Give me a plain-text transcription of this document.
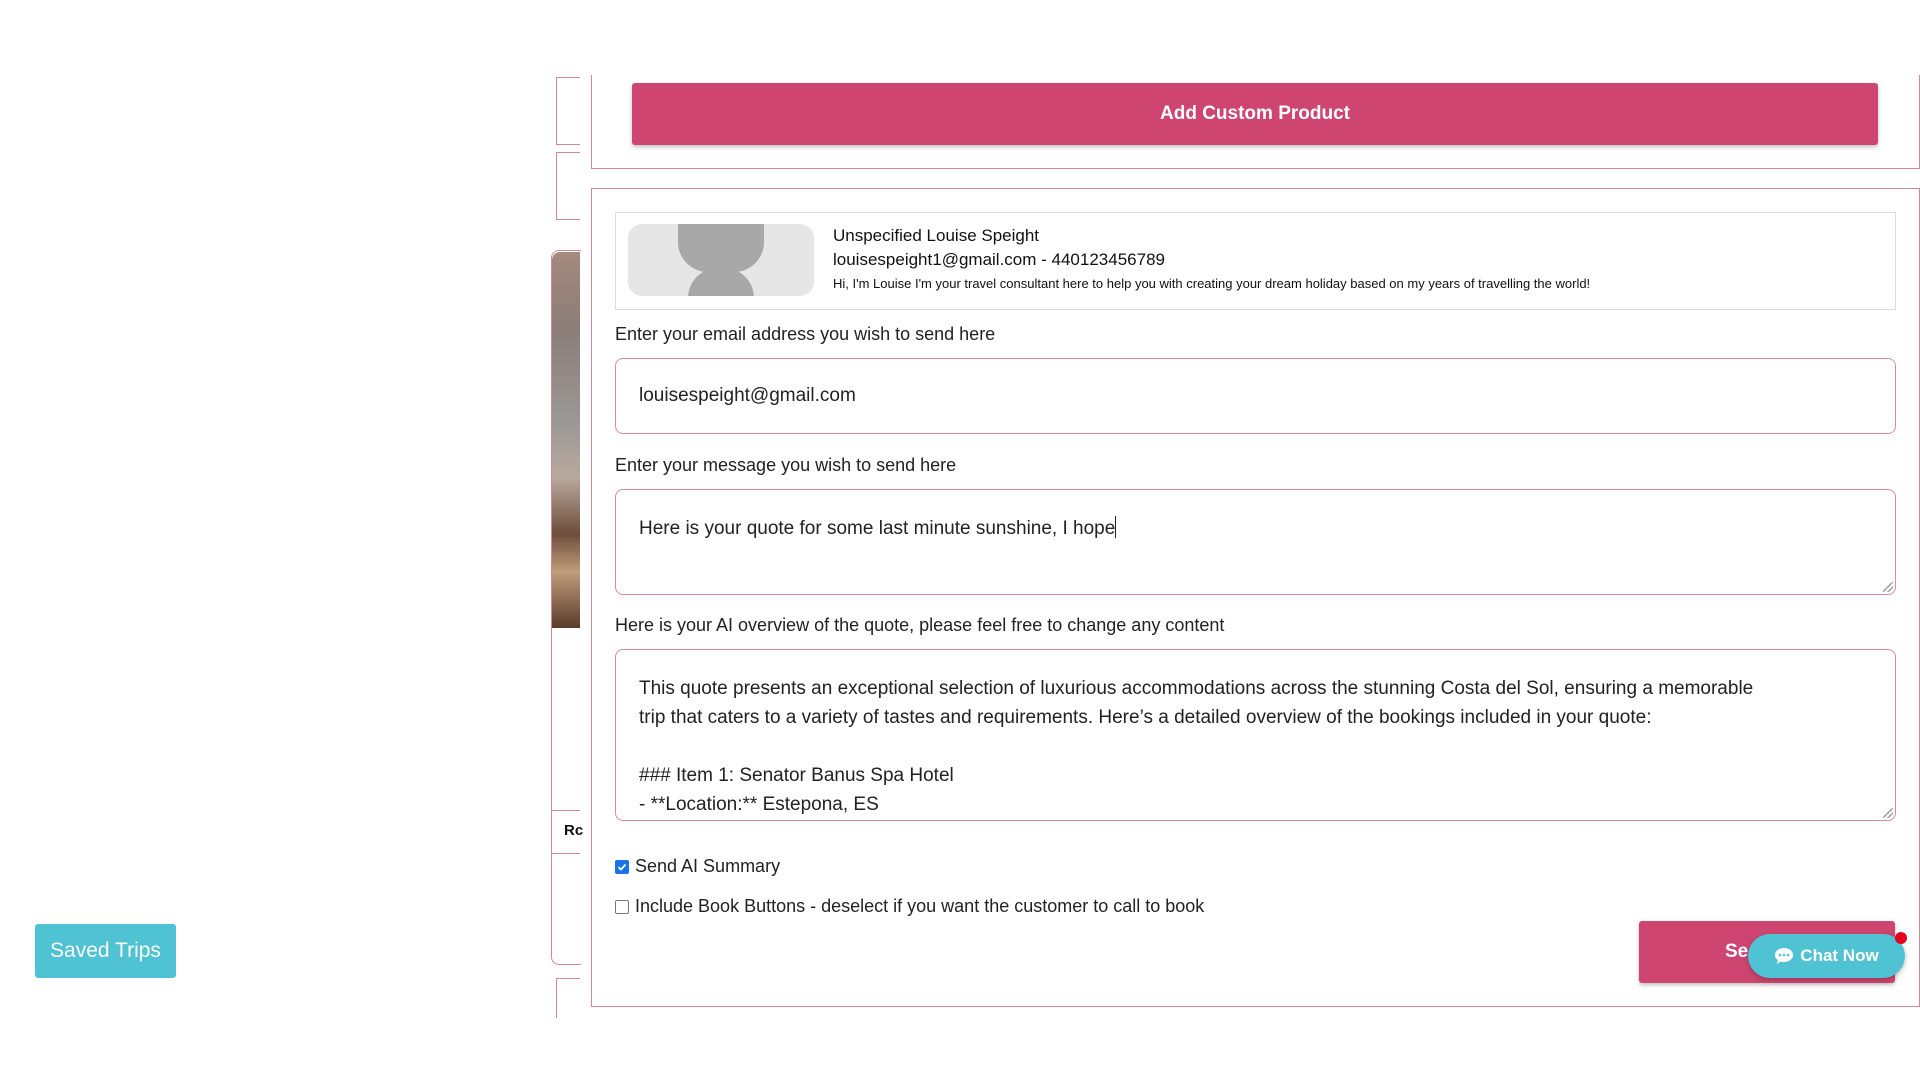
Rc
Add Custom Product
Unspecified Louise Speight
louisespeight1@gmail.com - 440123456789
Hi, I'm Louise I'm your travel consultant here to help you with creating your dream holiday based on my years of travelling the world!
Enter your email address you wish to send here
louisespeight@gmail.com
Enter your message you wish to send here
Here is your quote for some last minute sunshine, I hope
Here is your AI overview of the quote, please feel free to change any content
This quote presents an exceptional selection of luxurious accommodations across the stunning Costa del Sol, ensuring a memorable
trip that caters to a variety of tastes and requirements. Here’s a detailed overview of the bookings included in your quote:

### Item 1: Senator Banus Spa Hotel
- **Location:** Estepona, ES
Send AI Summary
Include Book Buttons - deselect if you want the customer to call to book
Se	Chat Now
Saved Trips
